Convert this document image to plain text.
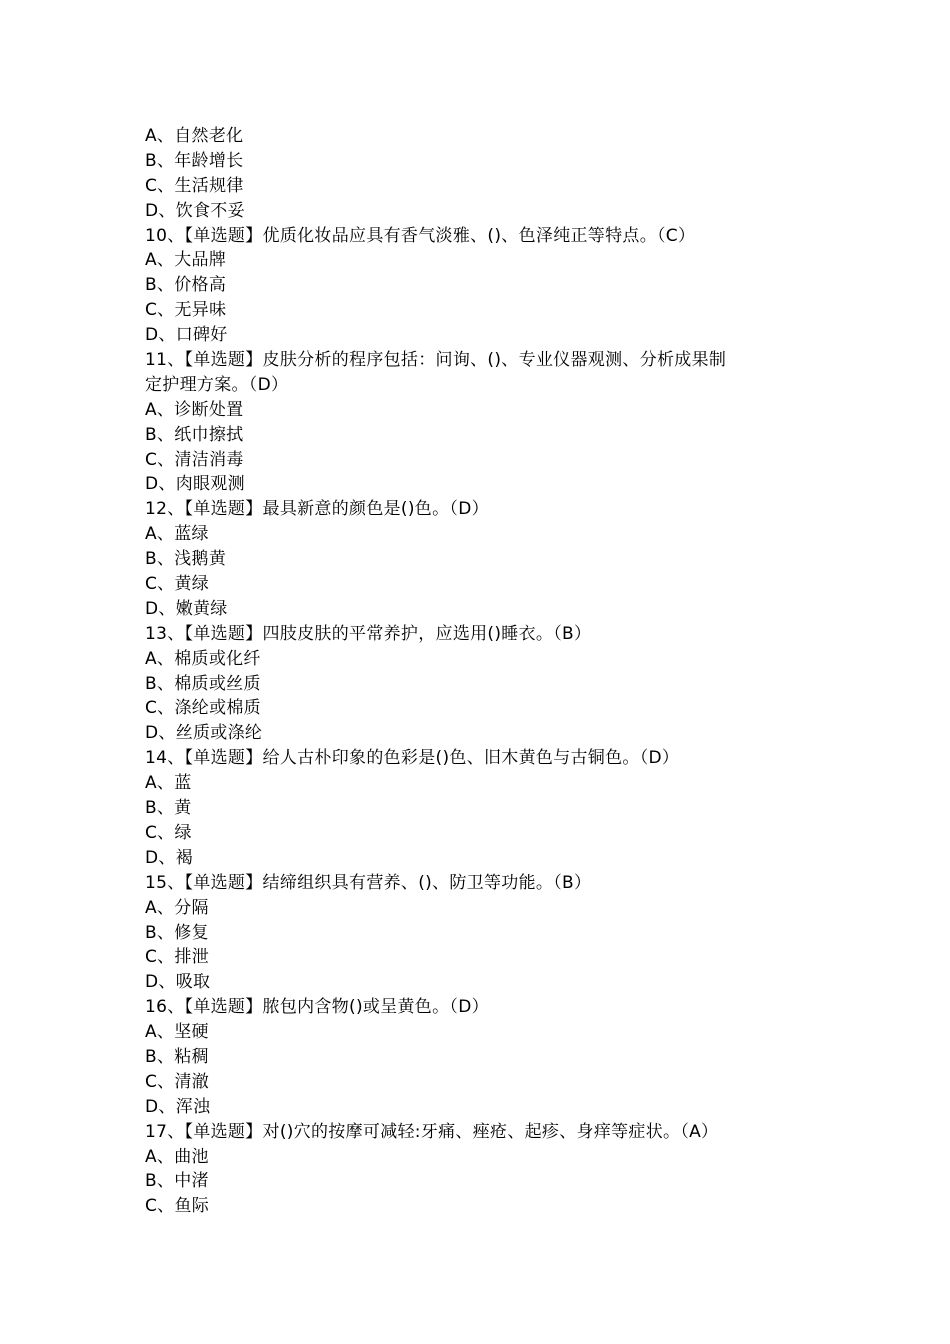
A、自然老化
B、年龄增长
C、生活规律
D、饮食不妥
10、【单选题】优质化妆品应具有香气淡雅、()、色泽纯正等特点。（C）
A、大品牌
B、价格高
C、无异味
D、口碑好
11、【单选题】皮肤分析的程序包括：问询、()、专业仪器观测、分析成果制
定护理方案。（D）
A、诊断处置
B、纸巾擦拭
C、清洁消毒
D、肉眼观测
12、【单选题】最具新意的颜色是()色。（D）
A、蓝绿
B、浅鹅黄
C、黄绿
D、嫩黄绿
13、【单选题】四肢皮肤的平常养护，应选用()睡衣。（B）
A、棉质或化纤
B、棉质或丝质
C、涤纶或棉质
D、丝质或涤纶
14、【单选题】给人古朴印象的色彩是()色、旧木黄色与古铜色。（D）
A、蓝
B、黄
C、绿
D、褐
15、【单选题】结缔组织具有营养、()、防卫等功能。（B）
A、分隔
B、修复
C、排泄
D、吸取
16、【单选题】脓包内含物()或呈黄色。（D）
A、坚硬
B、粘稠
C、清澈
D、浑浊
17、【单选题】对()穴的按摩可减轻:牙痛、痤疮、起疹、身痒等症状。（A）
A、曲池
B、中渚
C、鱼际
